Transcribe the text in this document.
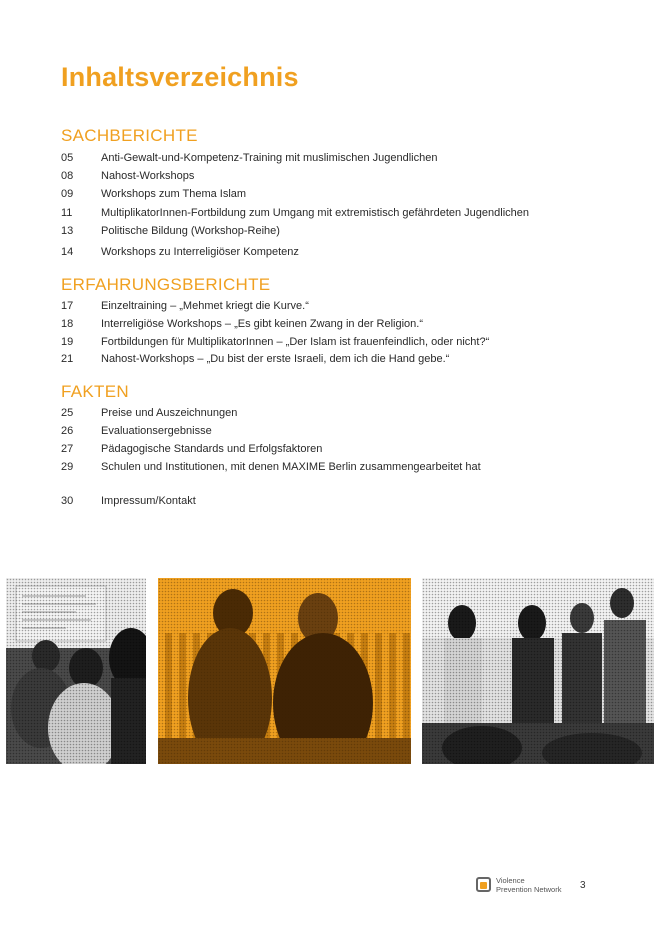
Inhaltsverzeichnis
SACHBERICHTE
05	Anti-Gewalt-und-Kompetenz-Training mit muslimischen Jugendlichen
08	Nahost-Workshops
09	Workshops zum Thema Islam
11	MultiplikatorInnen-Fortbildung zum Umgang mit extremistisch gefährdeten Jugendlichen
13	Politische Bildung (Workshop-Reihe)
14	Workshops zu Interreligiöser Kompetenz
ERFAHRUNGSBERICHTE
17	Einzeltraining – „Mehmet kriegt die Kurve.“
18	Interreligiöse Workshops – „Es gibt keinen Zwang in der Religion.“
19	Fortbildungen für MultiplikatorInnen – „Der Islam ist frauenfeindlich, oder nicht?“
21	Nahost-Workshops – „Du bist der erste Israeli, dem ich die Hand gebe.“
FAKTEN
25	Preise und Auszeichnungen
26	Evaluationsergebnisse
27	Pädagogische Standards und Erfolgsfaktoren
29	Schulen und Institutionen, mit denen MAXIME Berlin zusammengearbeitet hat
30	Impressum/Kontakt
Violence
Prevention Network 3
